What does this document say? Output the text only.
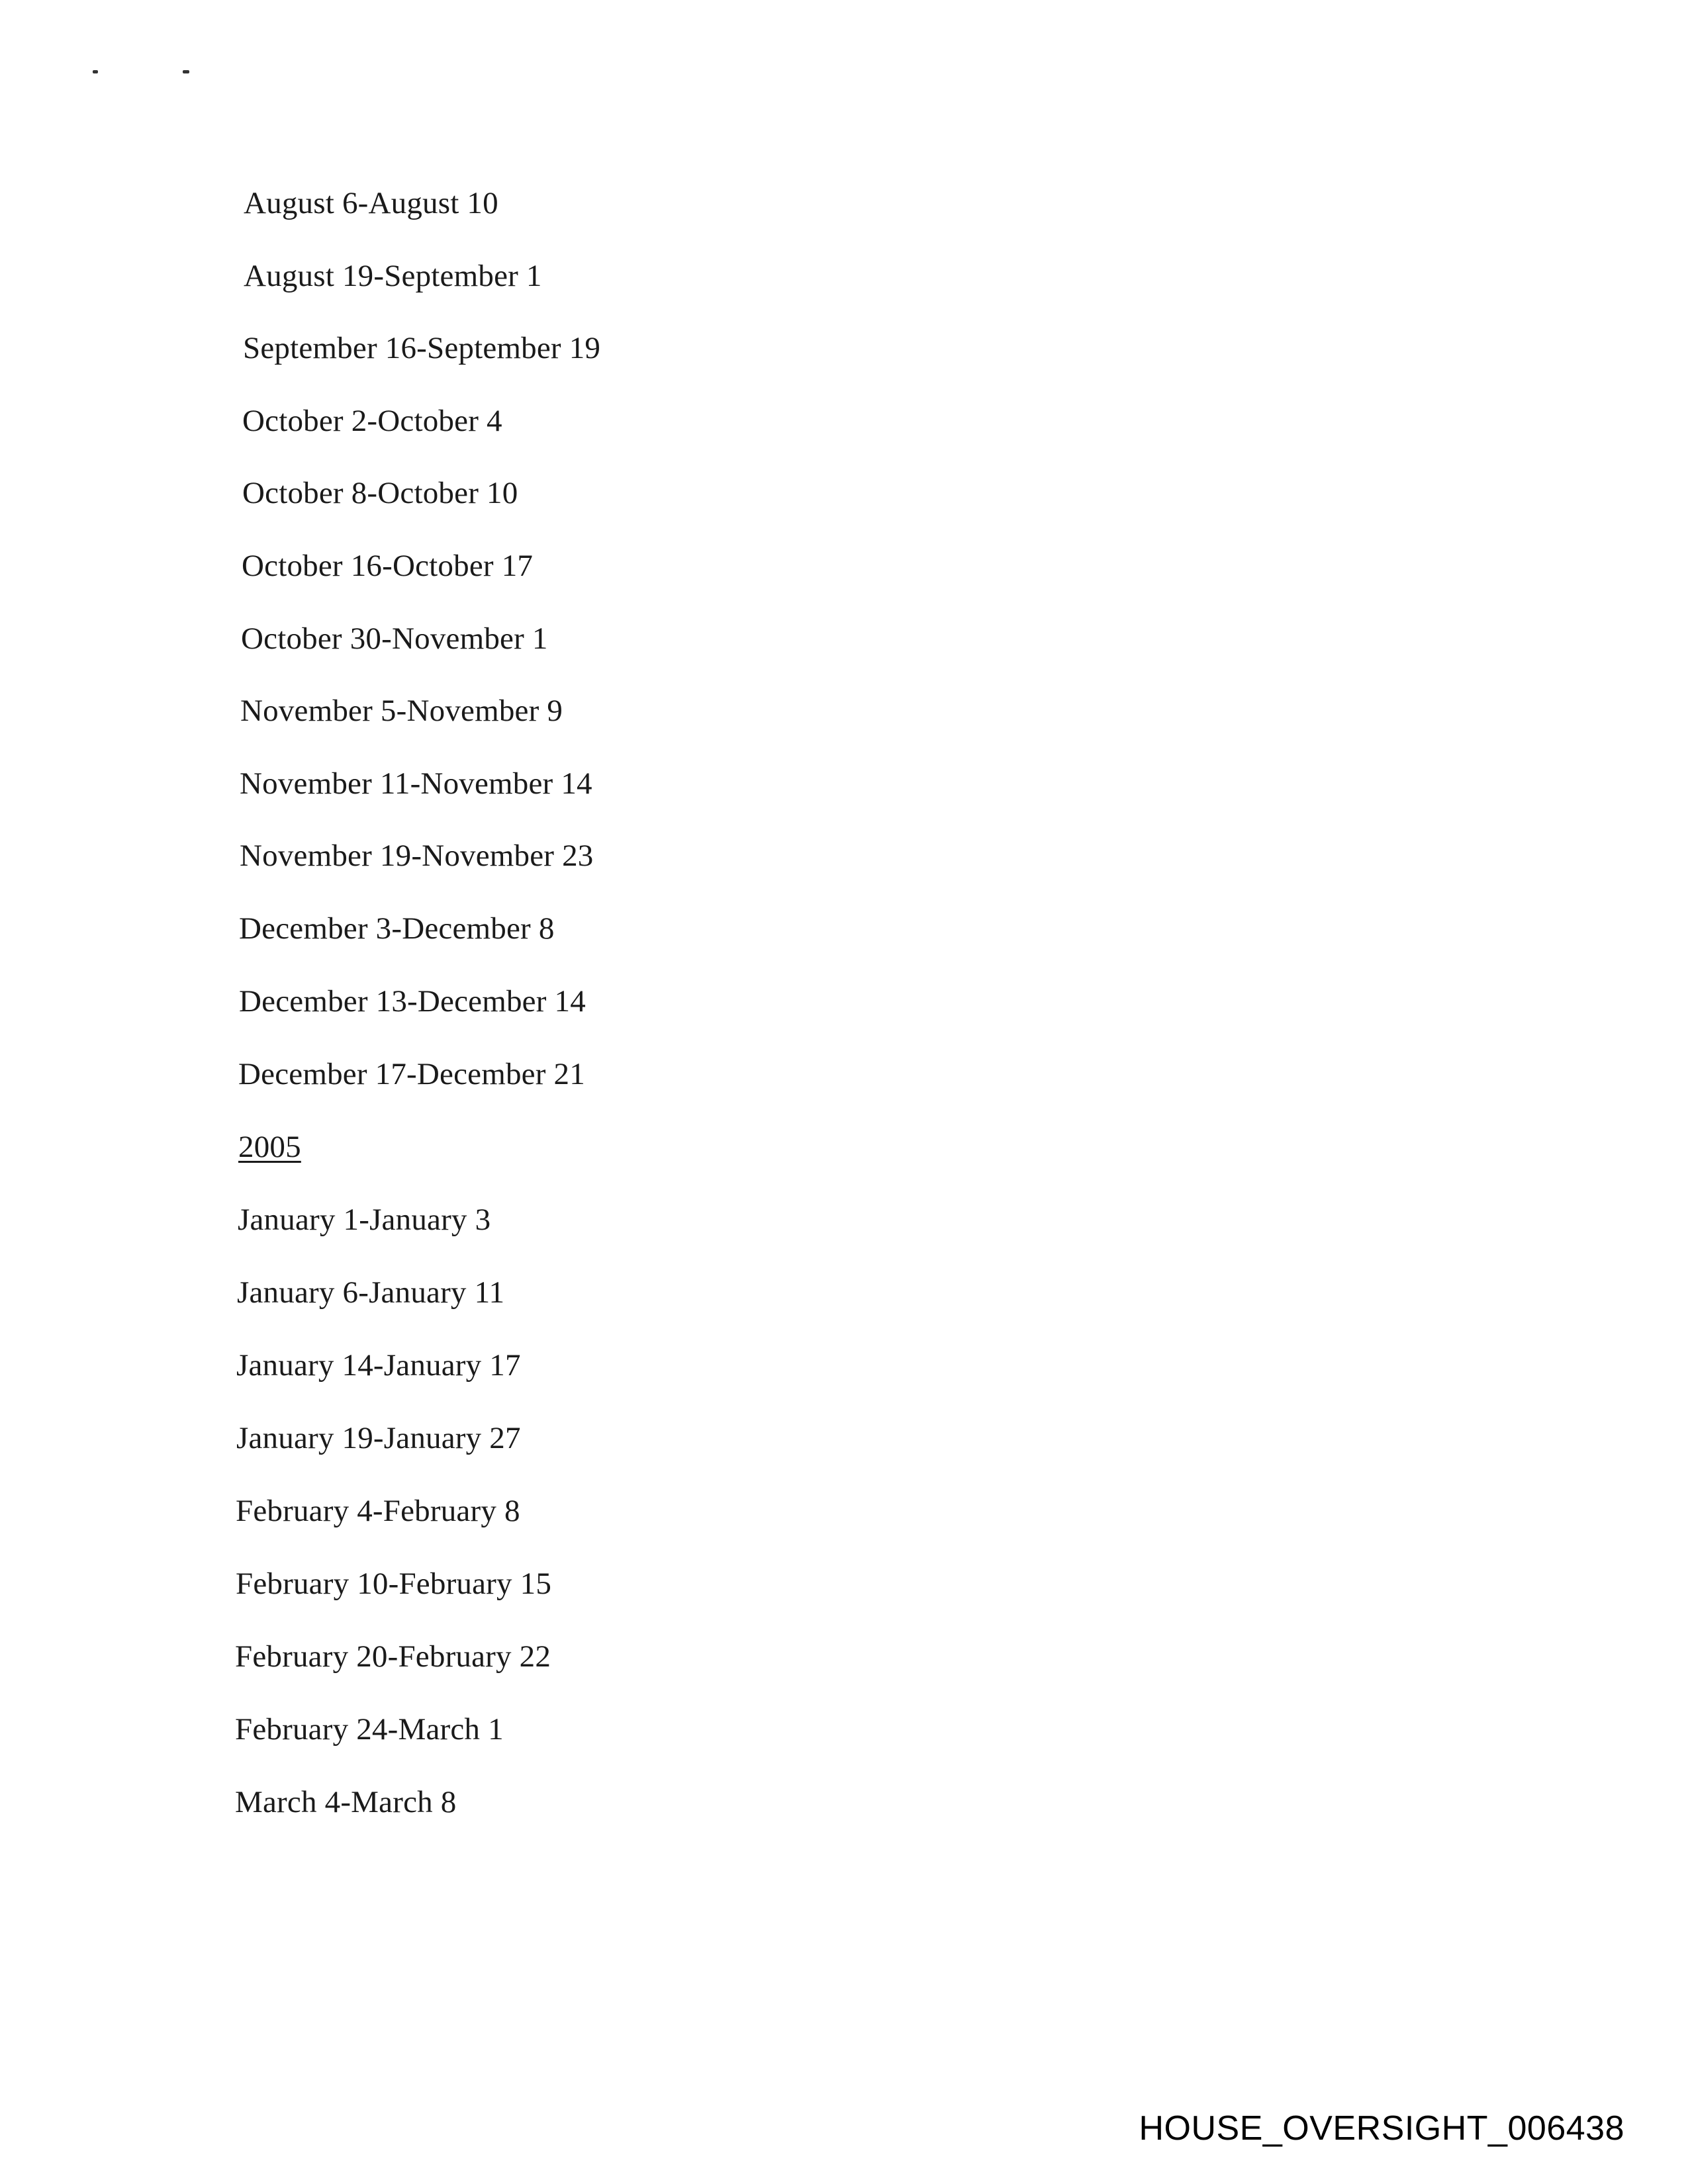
August 6-August 10
August 19-September 1
September 16-September 19
October 2-October 4
October 8-October 10
October 16-October 17
October 30-November 1
November 5-November 9
November 11-November 14
November 19-November 23
December 3-December 8
December 13-December 14
December 17-December 21
2005
January 1-January 3
January 6-January 11
January 14-January 17
January 19-January 27
February 4-February 8
February 10-February 15
February 20-February 22
February 24-March 1
March 4-March 8
HOUSE_OVERSIGHT_006438
